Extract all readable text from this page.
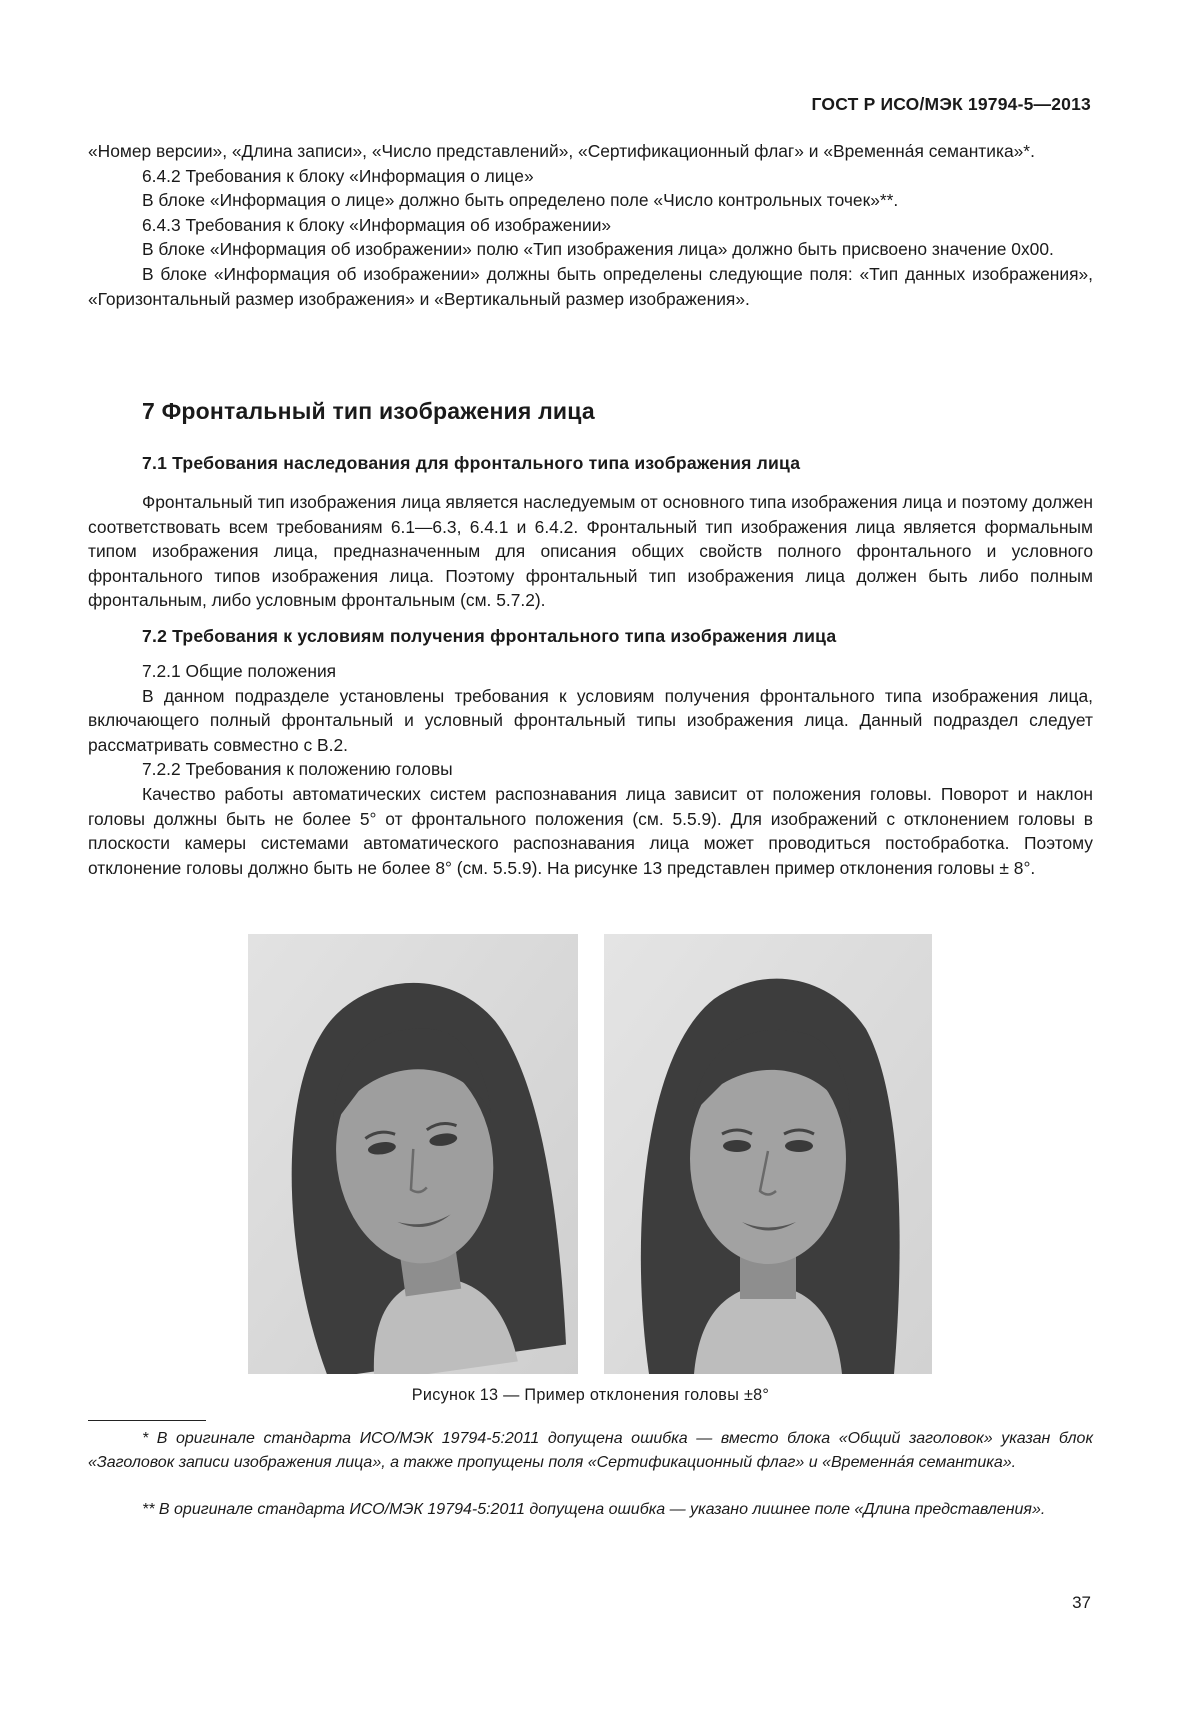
ГОСТ Р ИСО/МЭК 19794-5—2013

«Номер версии», «Длина записи», «Число представлений», «Сертификационный флаг» и «Временна́я семантика»*.

6.4.2 Требования к блоку «Информация о лице»

В блоке «Информация о лице» должно быть определено поле «Число контрольных точек»**.

6.4.3 Требования к блоку «Информация об изображении»

В блоке «Информация об изображении» полю «Тип изображения лица» должно быть присвоено значение 0x00.

В блоке «Информация об изображении» должны быть определены следующие поля: «Тип данных изображения», «Горизонтальный размер изображения» и «Вертикальный размер изображения».

7 Фронтальный тип изображения лица
7.1 Требования наследования для фронтального типа изображения лица

Фронтальный тип изображения лица является наследуемым от основного типа изображения лица и поэтому должен соответствовать всем требованиям 6.1—6.3, 6.4.1 и 6.4.2. Фронтальный тип изображения лица является формальным типом изображения лица, предназначенным для описания общих свойств полного фронтального и условного фронтального типов изображения лица. Поэтому фронтальный тип изображения лица должен быть либо полным фронтальным, либо условным фронтальным (см. 5.7.2).

7.2 Требования к условиям получения фронтального типа изображения лица

7.2.1 Общие положения

В данном подразделе установлены требования к условиям получения фронтального типа изображения лица, включающего полный фронтальный и условный фронтальный типы изображения лица. Данный подраздел следует рассматривать совместно с B.2.

7.2.2 Требования к положению головы

Качество работы автоматических систем распознавания лица зависит от положения головы. Поворот и наклон головы должны быть не более 5° от фронтального положения (см. 5.5.9). Для изображений с отклонением головы в плоскости камеры системами автоматического распознавания лица может проводиться постобработка. Поэтому отклонение головы должно быть не более 8° (см. 5.5.9). На рисунке 13 представлен пример отклонения головы ± 8°.

Рисунок 13 — Пример отклонения головы ±8°

* В оригинале стандарта ИСО/МЭК 19794-5:2011 допущена ошибка — вместо блока «Общий заголовок» указан блок «Заголовок записи изображения лица», а также пропущены поля «Сертификационный флаг» и «Временна́я семантика».

** В оригинале стандарта ИСО/МЭК 19794-5:2011 допущена ошибка — указано лишнее поле «Длина представления».

37
